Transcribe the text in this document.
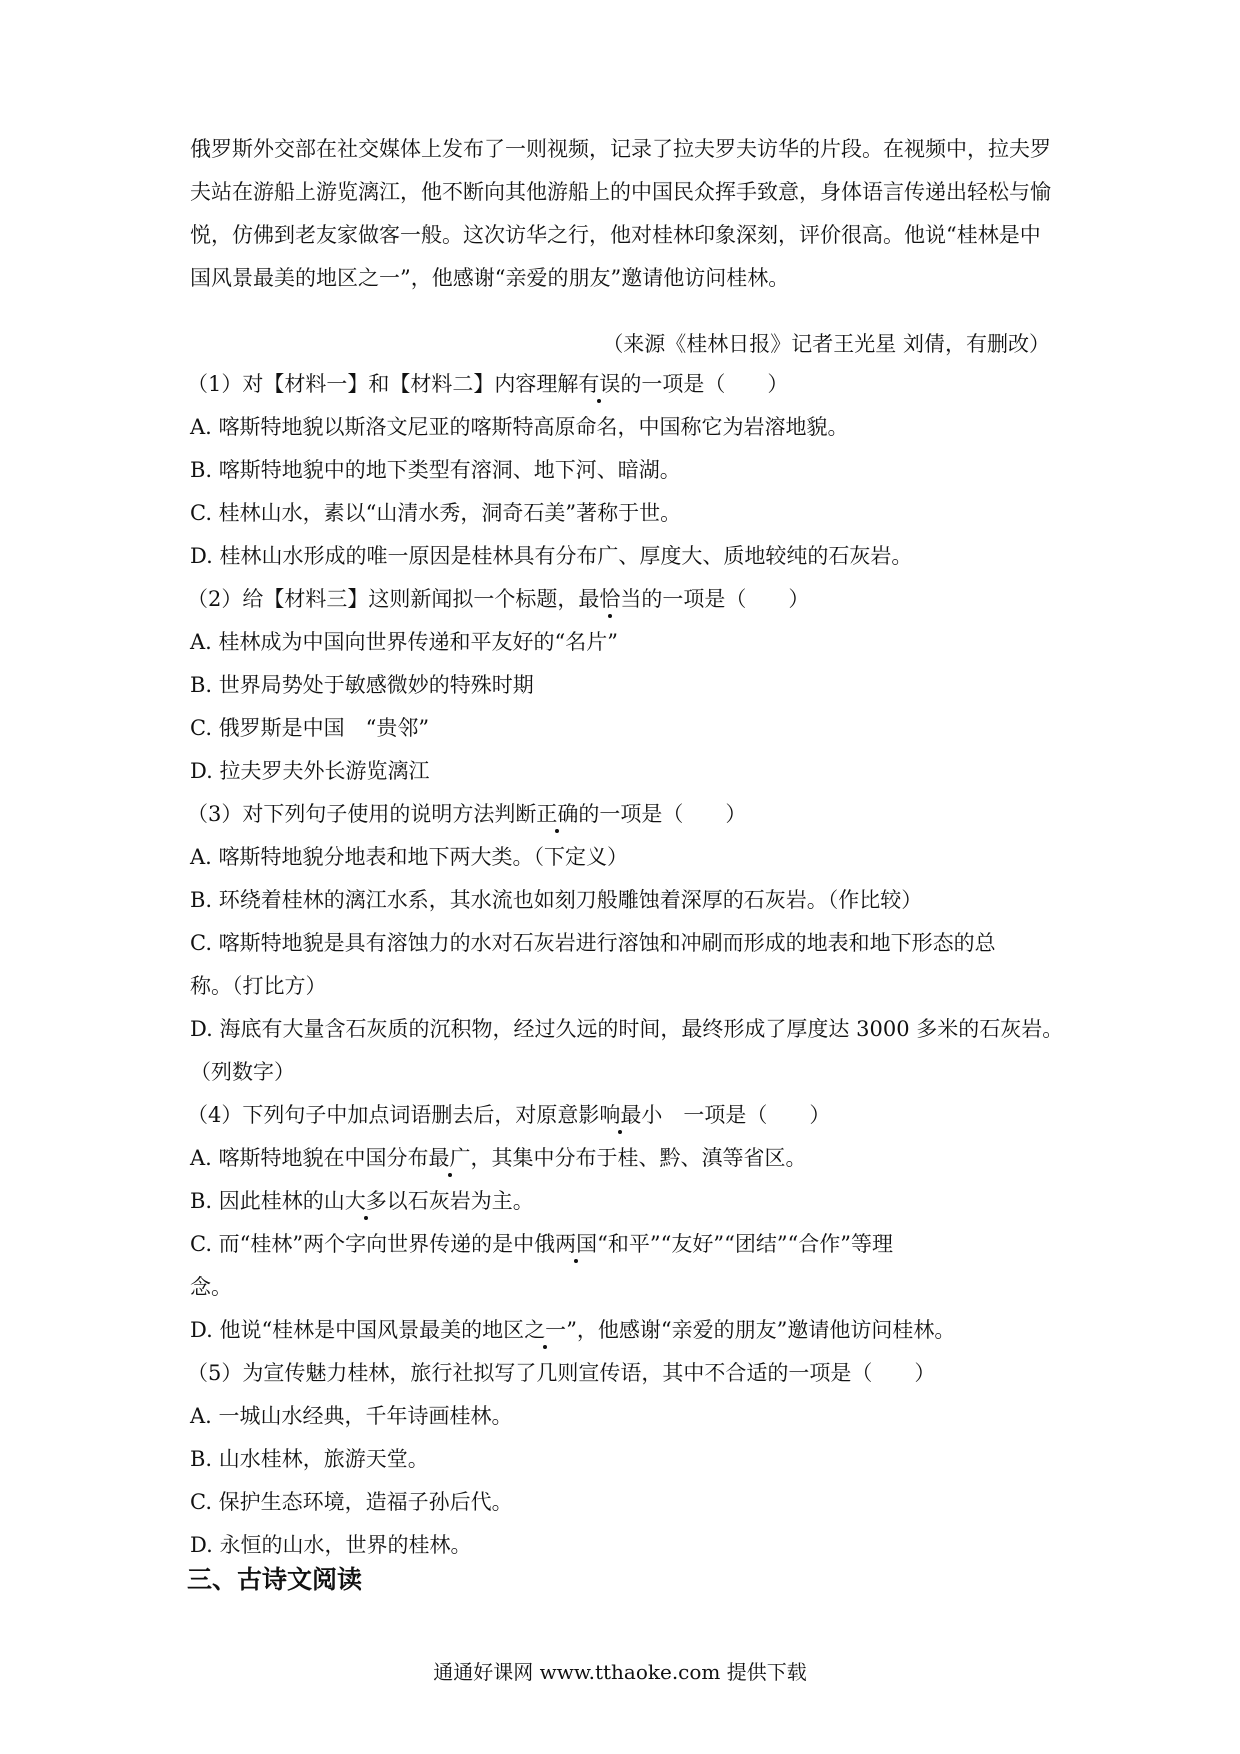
俄罗斯外交部在社交媒体上发布了一则视频，记录了拉夫罗夫访华的片段。在视频中，拉夫罗夫站在游船上游览漓江，他不断向其他游船上的中国民众挥手致意，身体语言传递出轻松与愉悦，仿佛到老友家做客一般。这次访华之行，他对桂林印象深刻，评价很高。他说“桂林是中国风景最美的地区之一”，他感谢“亲爱的朋友”邀请他访问桂林。
（来源《桂林日报》记者王光星 刘倩，有删改）
（1）对【材料一】和【材料二】内容理解有误的一项是（　　）
A. 喀斯特地貌以斯洛文尼亚的喀斯特高原命名，中国称它为岩溶地貌。
B. 喀斯特地貌中的地下类型有溶洞、地下河、暗湖。
C. 桂林山水，素以“山清水秀，洞奇石美”著称于世。
D. 桂林山水形成的唯一原因是桂林具有分布广、厚度大、质地较纯的石灰岩。
（2）给【材料三】这则新闻拟一个标题，最恰当的一项是（　　）
A. 桂林成为中国向世界传递和平友好的“名片”
B. 世界局势处于敏感微妙的特殊时期
C. 俄罗斯是中国　“贵邻”
D. 拉夫罗夫外长游览漓江
（3）对下列句子使用的说明方法判断正确的一项是（　　）
A. 喀斯特地貌分地表和地下两大类。（下定义）
B. 环绕着桂林的漓江水系，其水流也如刻刀般雕蚀着深厚的石灰岩。（作比较）
C. 喀斯特地貌是具有溶蚀力的水对石灰岩进行溶蚀和冲刷而形成的地表和地下形态的总
称。（打比方）
D. 海底有大量含石灰质的沉积物，经过久远的时间，最终形成了厚度达 3000 多米的石灰岩。
（列数字）
（4）下列句子中加点词语删去后，对原意影响最小　一项是（　　）
A. 喀斯特地貌在中国分布最广，其集中分布于桂、黔、滇等省区。
B. 因此桂林的山大多以石灰岩为主。
C. 而“桂林”两个字向世界传递的是中俄两国“和平”“友好”“团结”“合作”等理
念。
D. 他说“桂林是中国风景最美的地区之一”，他感谢“亲爱的朋友”邀请他访问桂林。
（5）为宣传魅力桂林，旅行社拟写了几则宣传语，其中不合适的一项是（　　）
A. 一城山水经典，千年诗画桂林。
B. 山水桂林，旅游天堂。
C. 保护生态环境，造福子孙后代。
D. 永恒的山水，世界的桂林。
三、古诗文阅读
通通好课网 www.tthaoke.com 提供下载
